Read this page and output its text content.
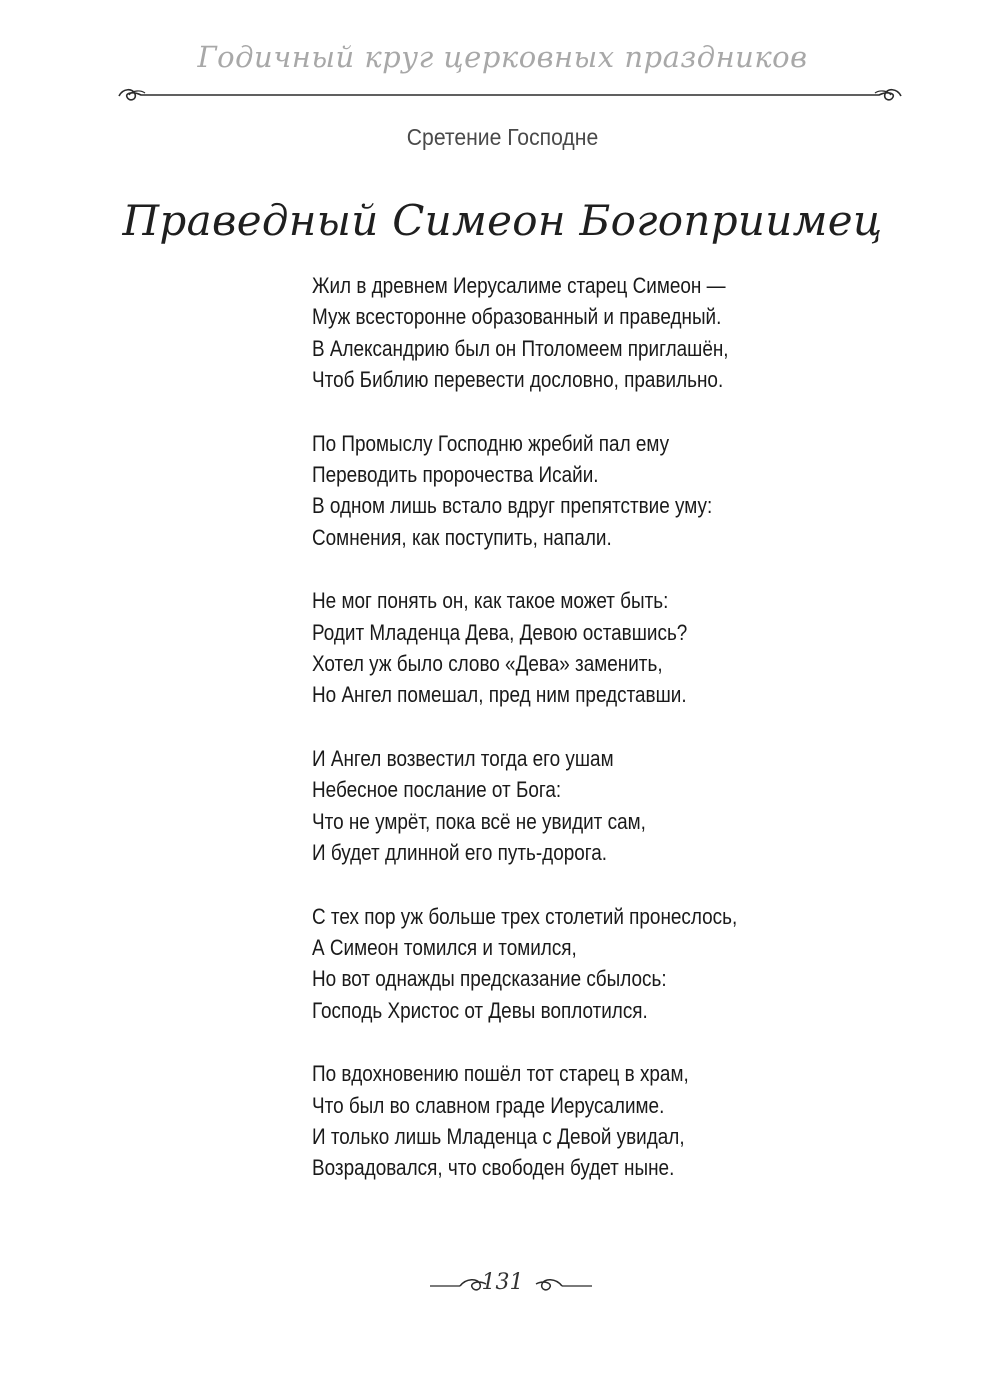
Годичный круг церковных праздников
Сретение Господне
Праведный Симеон Богоприимец
Жил в древнем Иерусалиме старец Симеон —
Муж всесторонне образованный и праведный.
В Александрию был он Птоломеем приглашён,
Чтоб Библию перевести дословно, правильно.
По Промыслу Господню жребий пал ему
Переводить пророчества Исайи.
В одном лишь встало вдруг препятствие уму:
Сомнения, как поступить, напали.
Не мог понять он, как такое может быть:
Родит Младенца Дева, Девою оставшись?
Хотел уж было слово «Дева» заменить,
Но Ангел помешал, пред ним представши.
И Ангел возвестил тогда его ушам
Небесное послание от Бога:
Что не умрёт, пока всё не увидит сам,
И будет длинной его путь-дорога.
С тех пор уж больше трех столетий пронеслось,
А Симеон томился и томился,
Но вот однажды предсказание сбылось:
Господь Христос от Девы воплотился.
По вдохновению пошёл тот старец в храм,
Что был во славном граде Иерусалиме.
И только лишь Младенца с Девой увидал,
Возрадовался, что свободен будет ныне.
131
